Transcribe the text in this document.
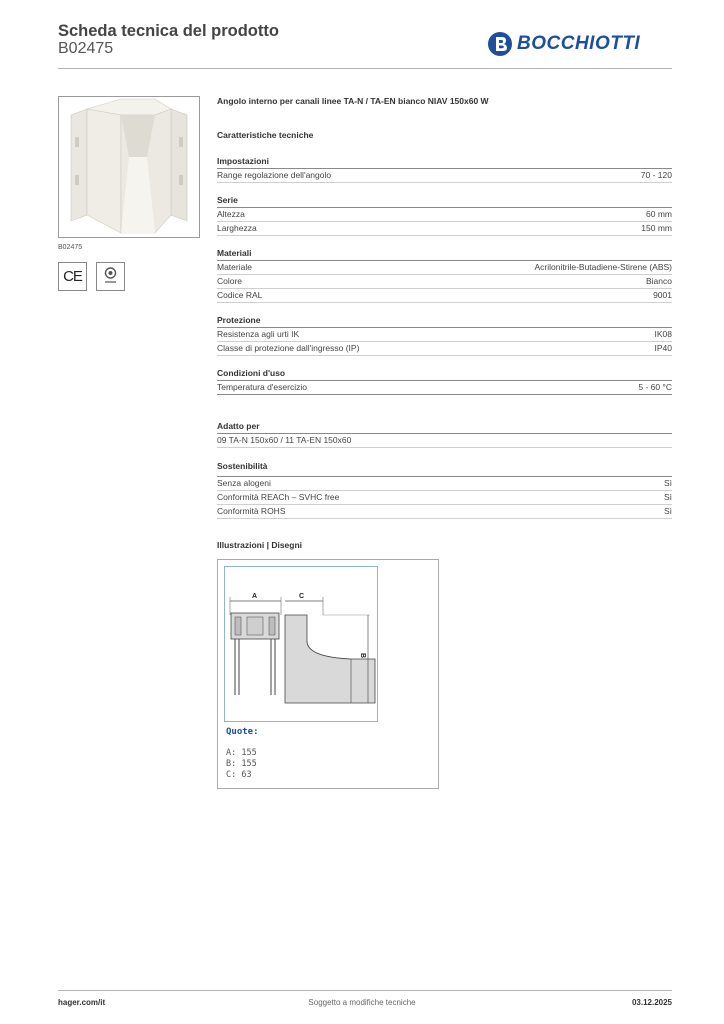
Scheda tecnica del prodotto
B02475	BOCCHIOTTI
B02475
CE
Angolo interno per canali linee TA-N / TA-EN bianco NIAV 150x60 W
Caratteristiche tecniche
Impostazioni
Range regolazione dell'angolo	70 - 120
Serie
Altezza	60 mm
Larghezza	150 mm
Materiali
Materiale	Acrilonitrile-Butadiene-Stirene (ABS)
Colore	Bianco
Codice RAL	9001
Protezione
Resistenza agli urti IK	IK08
Classe di protezione dall'ingresso (IP)	IP40
Condizioni d'uso
Temperatura d'esercizio	5 - 60 °C
Adatto per
09 TA-N 150x60 / 11 TA-EN 150x60
Sostenibilità
Senza alogeni	Sì
Conformità REACh – SVHC free	Sì
Conformità ROHS	Sì
Illustrazioni | Disegni
A	C
B
Quote:
A: 155
B: 155
C: 63
hager.com/it	Soggetto a modifiche tecniche	03.12.2025
